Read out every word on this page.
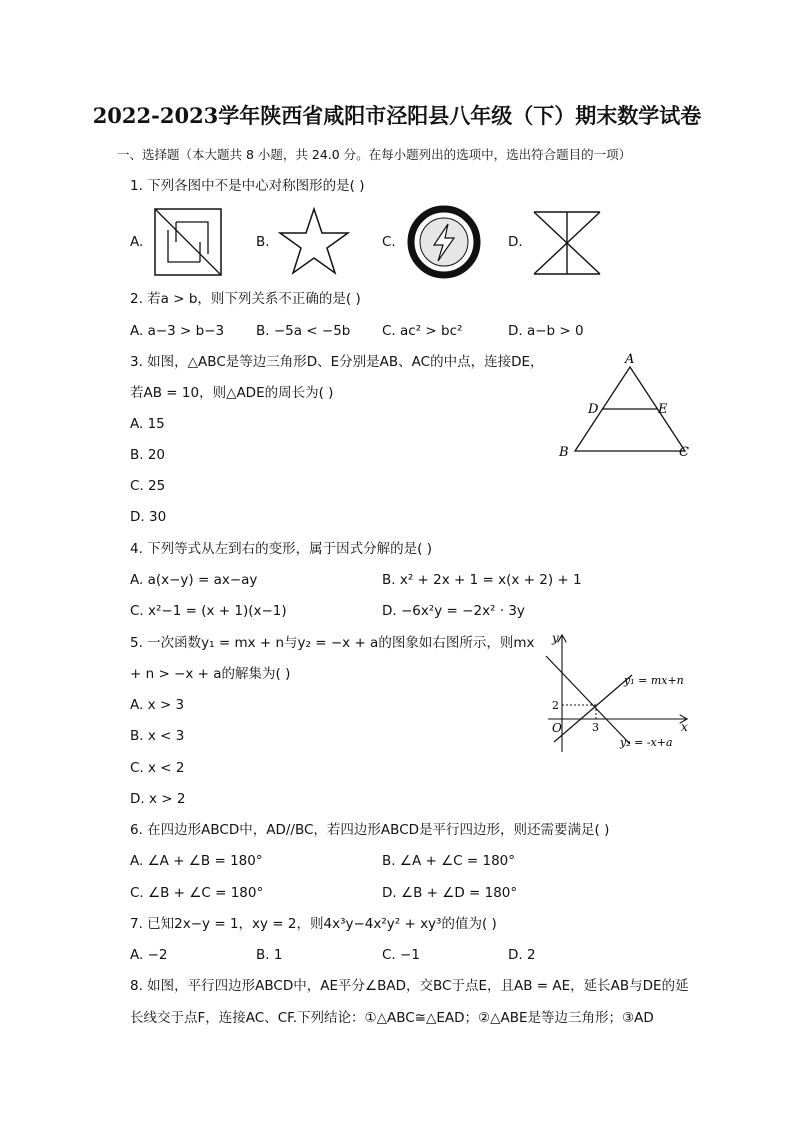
2022-2023学年陕西省咸阳市泾阳县八年级（下）期末数学试卷
一、选择题（本大题共 8 小题，共 24.0 分。在每小题列出的选项中，选出符合题目的一项）
1. 下列各图中不是中心对称图形的是( )
A.	B.	C.	D.
2. 若a > b，则下列关系不正确的是( )
A. a−3 > b−3 B. −5a < −5b C. ac² > bc²	D. a−b > 0
3. 如图，△ABC是等边三角形D、E分别是AB、AC的中点，连接DE，
若AB = 10，则△ADE的周长为( )
A. 15
B. 20
C. 25
D. 30
A
B	C
D	E
4. 下列等式从左到右的变形，属于因式分解的是( )
A. a(x−y) = ax−ay	B. x² + 2x + 1 = x(x + 2) + 1
C. x²−1 = (x + 1)(x−1)	D. −6x²y = −2x² · 3y
5. 一次函数y₁ = mx + n与y₂ = −x + a的图象如右图所示，则mx
+ n > −x + a的解集为( )
A. x > 3
B. x < 3
C. x < 2
D. x > 2
y
x
O
2
3
y₁ = mx+n
y₂ = -x+a
6. 在四边形ABCD中，AD//BC，若四边形ABCD是平行四边形，则还需要满足( )
A. ∠A + ∠B = 180°	B. ∠A + ∠C = 180°
C. ∠B + ∠C = 180°	D. ∠B + ∠D = 180°
7. 已知2x−y = 1，xy = 2，则4x³y−4x²y² + xy³的值为( )
A. −2	B. 1	C. −1	D. 2
8. 如图，平行四边形ABCD中，AE平分∠BAD，交BC于点E，且AB = AE，延长AB与DE的延
长线交于点F，连接AC、CF.下列结论：①△ABC≅△EAD；②△ABE是等边三角形；③AD
